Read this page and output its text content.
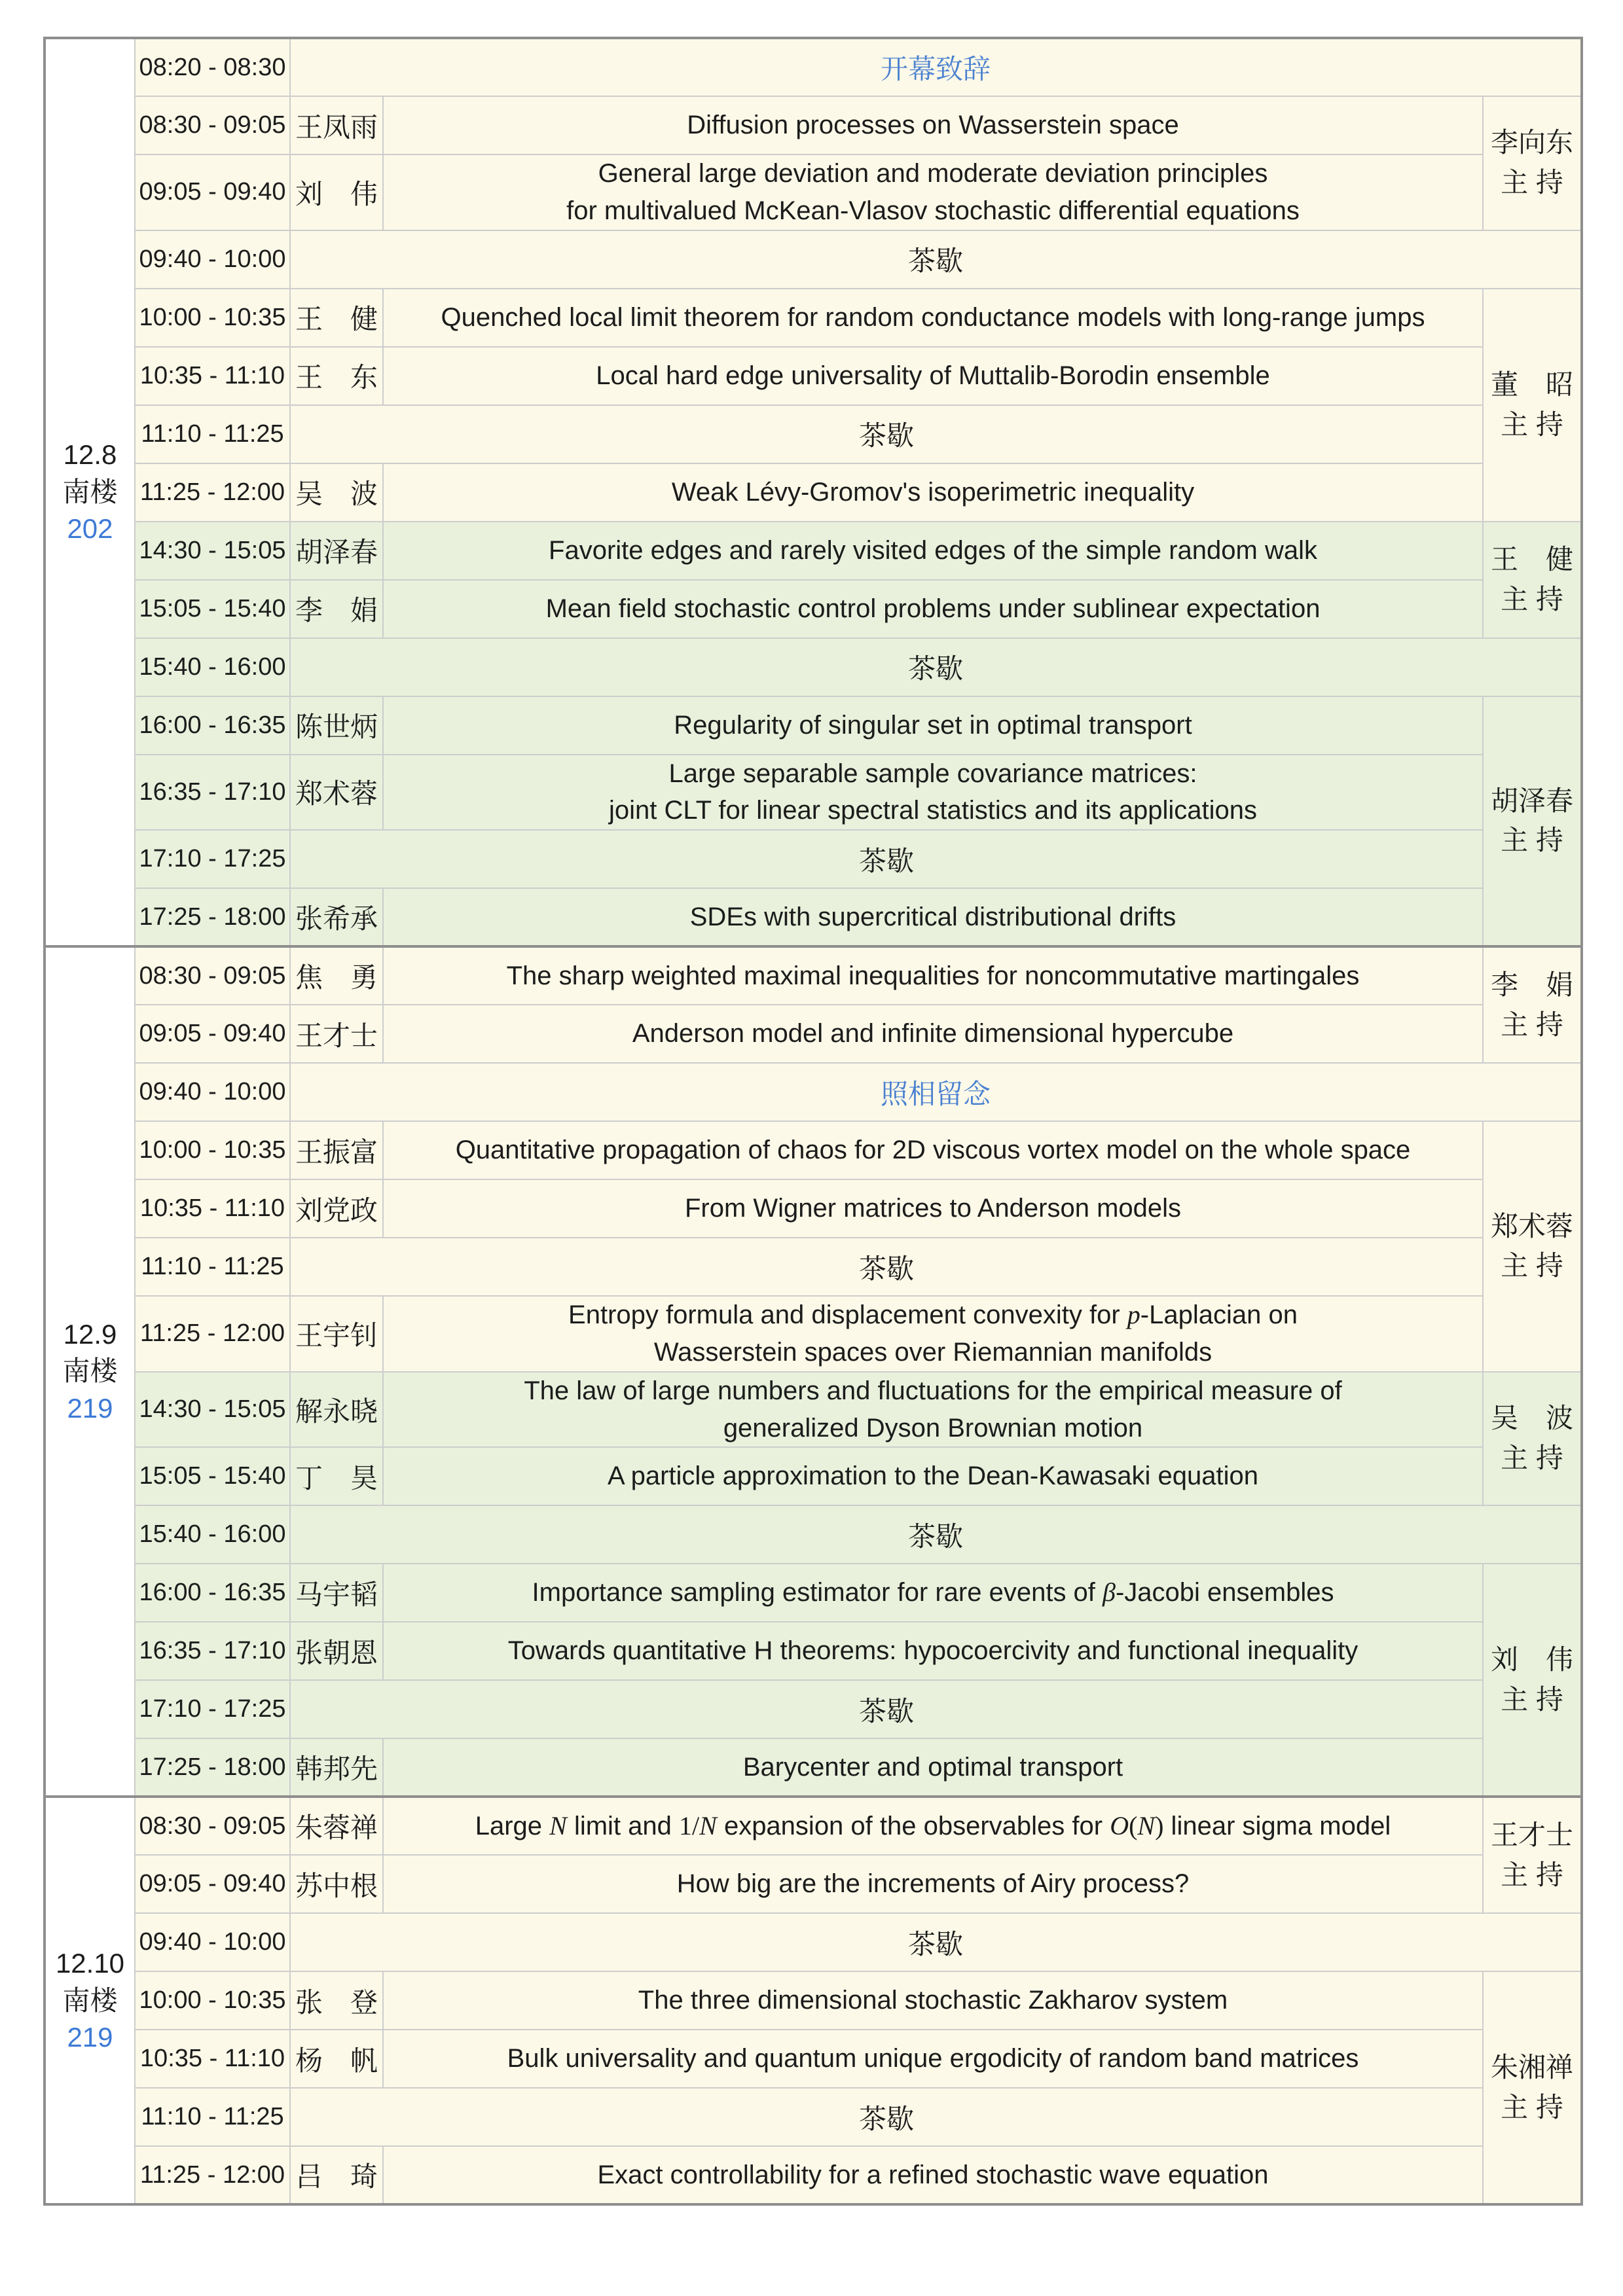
12.8
南楼
202	08:20 - 08:30	开幕致辞		
	08:30 - 09:05	王凤雨	Diffusion processes on Wasserstein space	李向东
主 持

	09:05 - 09:40	刘　伟	General large deviation and moderate deviation principles
for multivalued McKean-Vlasov stochastic differential equations	

	09:40 - 10:00	茶歇		
	10:00 - 10:35	王　健	Quenched local limit theorem for random conductance models with long-range jumps	董　昭
主 持

	10:35 - 11:10	王　东	Local hard edge universality of Muttalib-Borodin ensemble	

	11:10 - 11:25	茶歇		
	11:25 - 12:00	吴　波	Weak Lévy-Gromov's isoperimetric inequality	

	14:30 - 15:05	胡泽春	Favorite edges and rarely visited edges of the simple random walk	王　健
主 持

	15:05 - 15:40	李　娟	Mean field stochastic control problems under sublinear expectation	

	15:40 - 16:00	茶歇		
	16:00 - 16:35	陈世炳	Regularity of singular set in optimal transport	胡泽春
主 持

	16:35 - 17:10	郑术蓉	Large separable sample covariance matrices:
joint CLT for linear spectral statistics and its applications	

	17:10 - 17:25	茶歇		
	17:25 - 18:00	张希承	SDEs with supercritical distributional drifts	

12.9
南楼
219
	08:30 - 09:05	焦　勇	The sharp weighted maximal inequalities for noncommutative martingales	李　娟
主 持

	09:05 - 09:40	王才士	Anderson model and infinite dimensional hypercube	

	09:40 - 10:00	照相留念		
	10:00 - 10:35	王振富	Quantitative propagation of chaos for 2D viscous vortex model on the whole space	郑术蓉
主 持

	10:35 - 11:10	刘党政	From Wigner matrices to Anderson models	

	11:10 - 11:25	茶歇		
	11:25 - 12:00	王宇钊	Entropy formula and displacement convexity for p-Laplacian on
Wasserstein spaces over Riemannian manifolds	

14:30 - 15:05	解永晓	
The law of large numbers and fluctuations for the empirical measure of
generalized Dyson Brownian motion	吴　波
主 持

	15:05 - 15:40	丁　昊	A particle approximation to the Dean-Kawasaki equation	

	15:40 - 16:00	茶歇		
	16:00 - 16:35	马宇韬	Importance sampling estimator for rare events of β-Jacobi ensembles	刘　伟
主 持

	16:35 - 17:10	张朝恩	Towards quantitative H theorems: hypocoercivity and functional inequality	

	17:10 - 17:25	茶歇		
	17:25 - 18:00	韩邦先	Barycenter and optimal transport	

12.10
南楼
219
	08:30 - 09:05	朱蓉禅	Large N limit and 1/N expansion of the observables for O(N) linear sigma model	王才士
主 持

	09:05 - 09:40	苏中根	How big are the increments of Airy process?	

	09:40 - 10:00	茶歇		
	10:00 - 10:35	张　登	The three dimensional stochastic Zakharov system	朱湘禅
主 持

	10:35 - 11:10	杨　帆	Bulk universality and quantum unique ergodicity of random band matrices	

	11:10 - 11:25	茶歇		
	11:25 - 12:00	吕　琦	Exact controllability for a refined stochastic wave equation	
